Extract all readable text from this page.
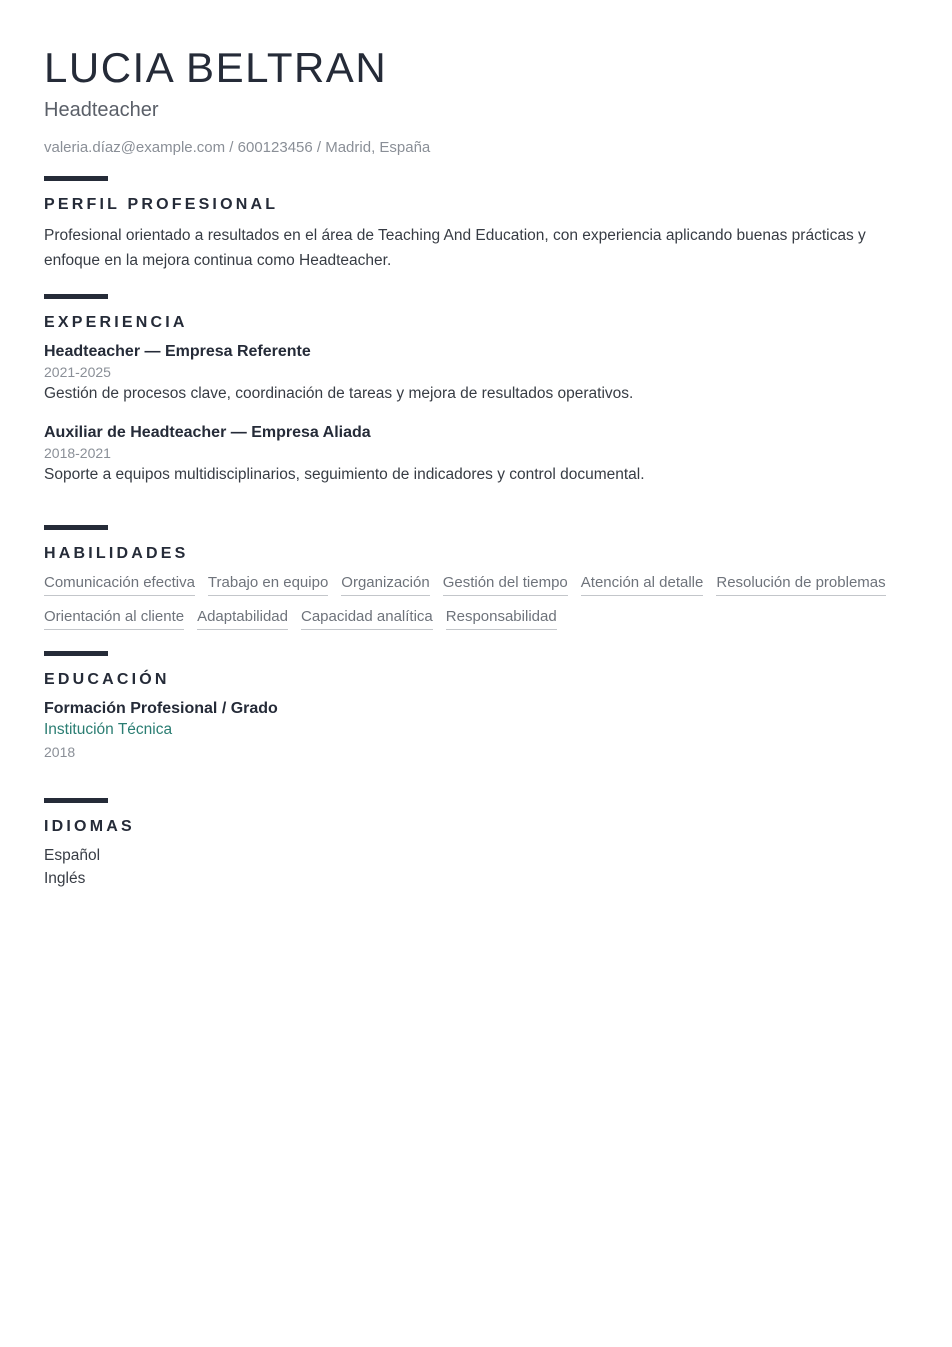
LUCIA BELTRAN
Headteacher
valeria.díaz@example.com / 600123456 / Madrid, España
PERFIL PROFESIONAL

Profesional orientado a resultados en el área de Teaching And Education, con experiencia aplicando buenas prácticas y enfoque en la mejora continua como Headteacher.

EXPERIENCIA
Headteacher — Empresa Referente
2021-2025
Gestión de procesos clave, coordinación de tareas y mejora de resultados operativos.
Auxiliar de Headteacher — Empresa Aliada
2018-2021
Soporte a equipos multidisciplinarios, seguimiento de indicadores y control documental.
HABILIDADES
Comunicación efectiva Trabajo en equipo Organización Gestión del tiempo Atención al detalle Resolución de problemas
Orientación al cliente Adaptabilidad Capacidad analítica Responsabilidad
EDUCACIÓN
Formación Profesional / Grado
Institución Técnica
2018
IDIOMAS
Español
Inglés
